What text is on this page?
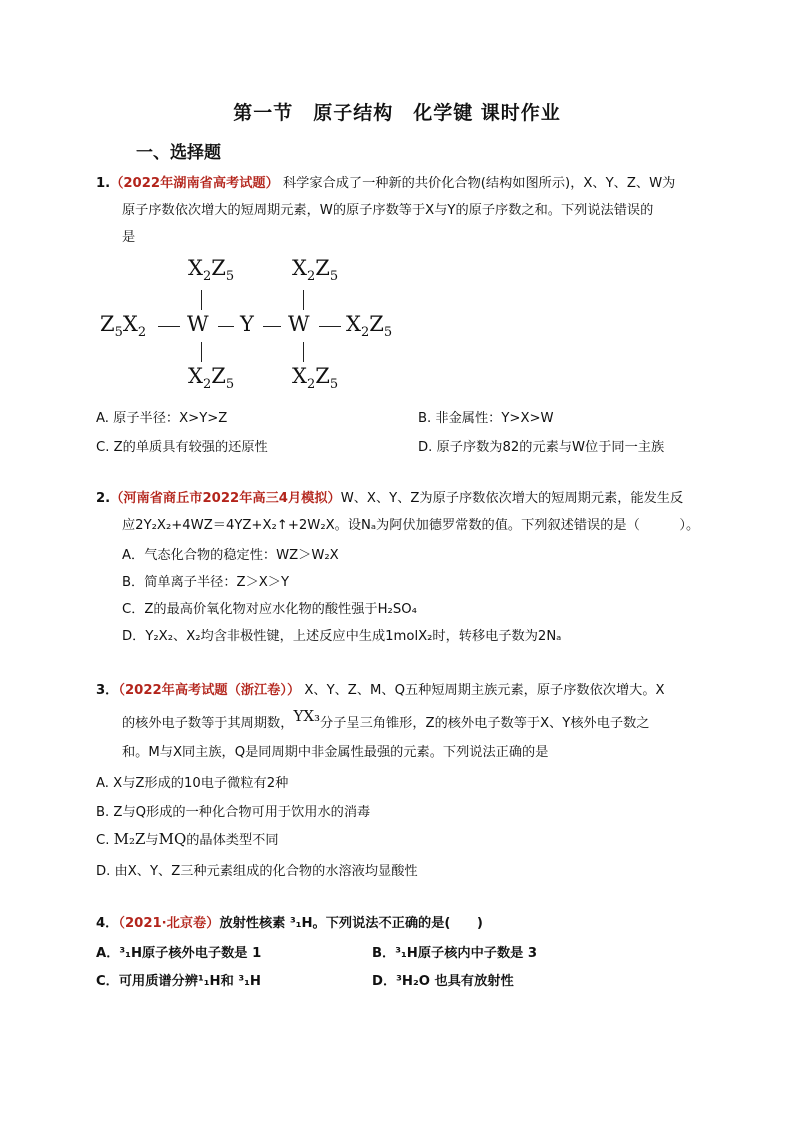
第一节　原子结构　化学键 课时作业
一、选择题
1.（2022年湖南省高考试题） 科学家合成了一种新的共价化合物(结构如图所示)，X、Y、Z、W为
原子序数依次增大的短周期元素，W的原子序数等于X与Y的原子序数之和。下列说法错误的
是
$X_2Z_5$	$X_2Z_5$
$Z_5X_2$ W Y W $X_2Z_5$
$X_2Z_5$	$X_2Z_5$
A. 原子半径：X>Y>Z	B. 非金属性：Y>X>W
C. Z的单质具有较强的还原性	D. 原子序数为82的元素与W位于同一主族
2.（河南省商丘市2022年高三4月模拟）W、X、Y、Z为原子序数依次增大的短周期元素，能发生反
应2Y₂X₂+4WZ＝4YZ+X₂↑+2W₂X。设Nₐ为阿伏加德罗常数的值。下列叙述错误的是（　　　）。
A．气态化合物的稳定性：WZ＞W₂X
B．简单离子半径：Z＞X＞Y
C．Z的最高价氧化物对应水化物的酸性强于H₂SO₄
D．Y₂X₂、X₂均含非极性键，上述反应中生成1molX₂时，转移电子数为2Nₐ
3．（2022年高考试题（浙江卷）） X、Y、Z、M、Q五种短周期主族元素，原子序数依次增大。X
的核外电子数等于其周期数，YX₃分子呈三角锥形，Z的核外电子数等于X、Y核外电子数之
和。M与X同主族，Q是同周期中非金属性最强的元素。下列说法正确的是
A. X与Z形成的10电子微粒有2种
B. Z与Q形成的一种化合物可用于饮用水的消毒
C. M₂Z与MQ的晶体类型不同
D. 由X、Y、Z三种元素组成的化合物的水溶液均显酸性
4．（2021·北京卷）放射性核素 ³₁H。下列说法不正确的是(　　)
A．³₁H原子核外电子数是 1	B．³₁H原子核内中子数是 3
C．可用质谱分辨¹₁H和 ³₁H	D．³H₂O 也具有放射性
